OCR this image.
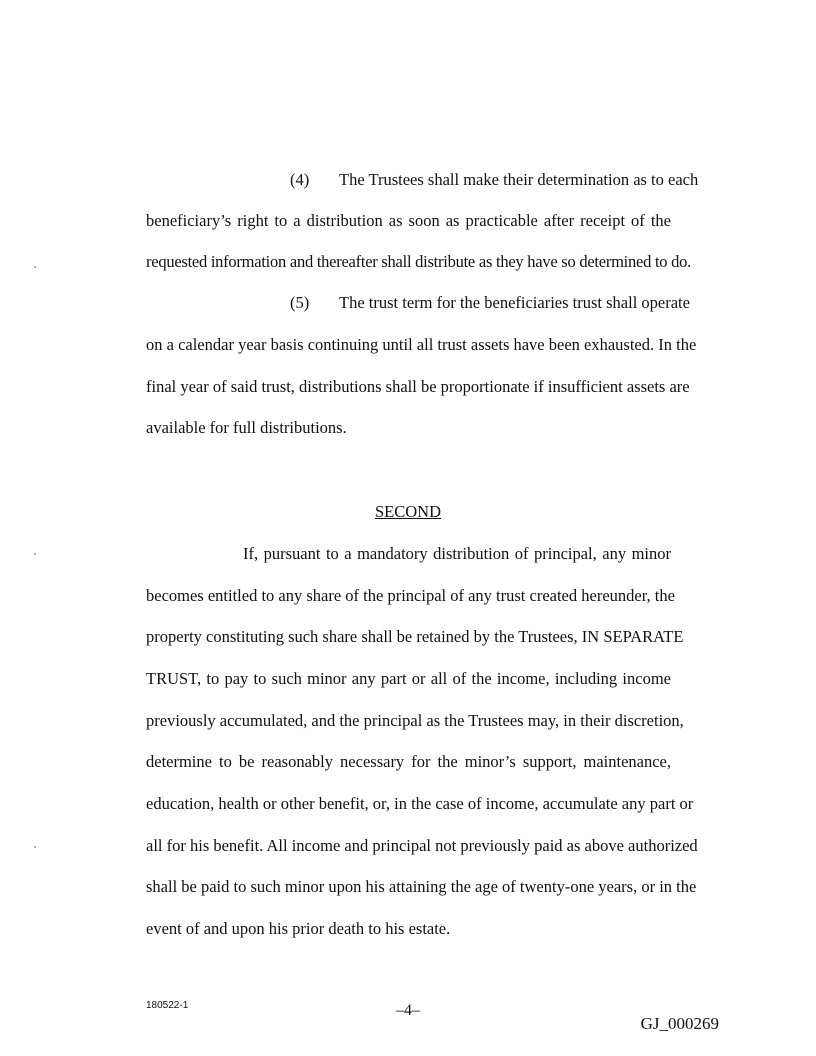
(4) The Trustees shall make their determination as to each
beneficiary’s right to a distribution as soon as practicable after receipt of the
requested information and thereafter shall distribute as they have so determined to do.
(5) The trust term for the beneficiaries trust shall operate
on a calendar year basis continuing until all trust assets have been exhausted. In the
final year of said trust, distributions shall be proportionate if insufficient assets are
available for full distributions.
SECOND
If, pursuant to a mandatory distribution of principal, any minor
becomes entitled to any share of the principal of any trust created hereunder, the
property constituting such share shall be retained by the Trustees, IN SEPARATE
TRUST, to pay to such minor any part or all of the income, including income
previously accumulated, and the principal as the Trustees may, in their discretion,
determine to be reasonably necessary for the minor’s support, maintenance,
education, health or other benefit, or, in the case of income, accumulate any part or
all for his benefit. All income and principal not previously paid as above authorized
shall be paid to such minor upon his attaining the age of twenty-one years, or in the
event of and upon his prior death to his estate.
180522-1	–4–
GJ_000269
